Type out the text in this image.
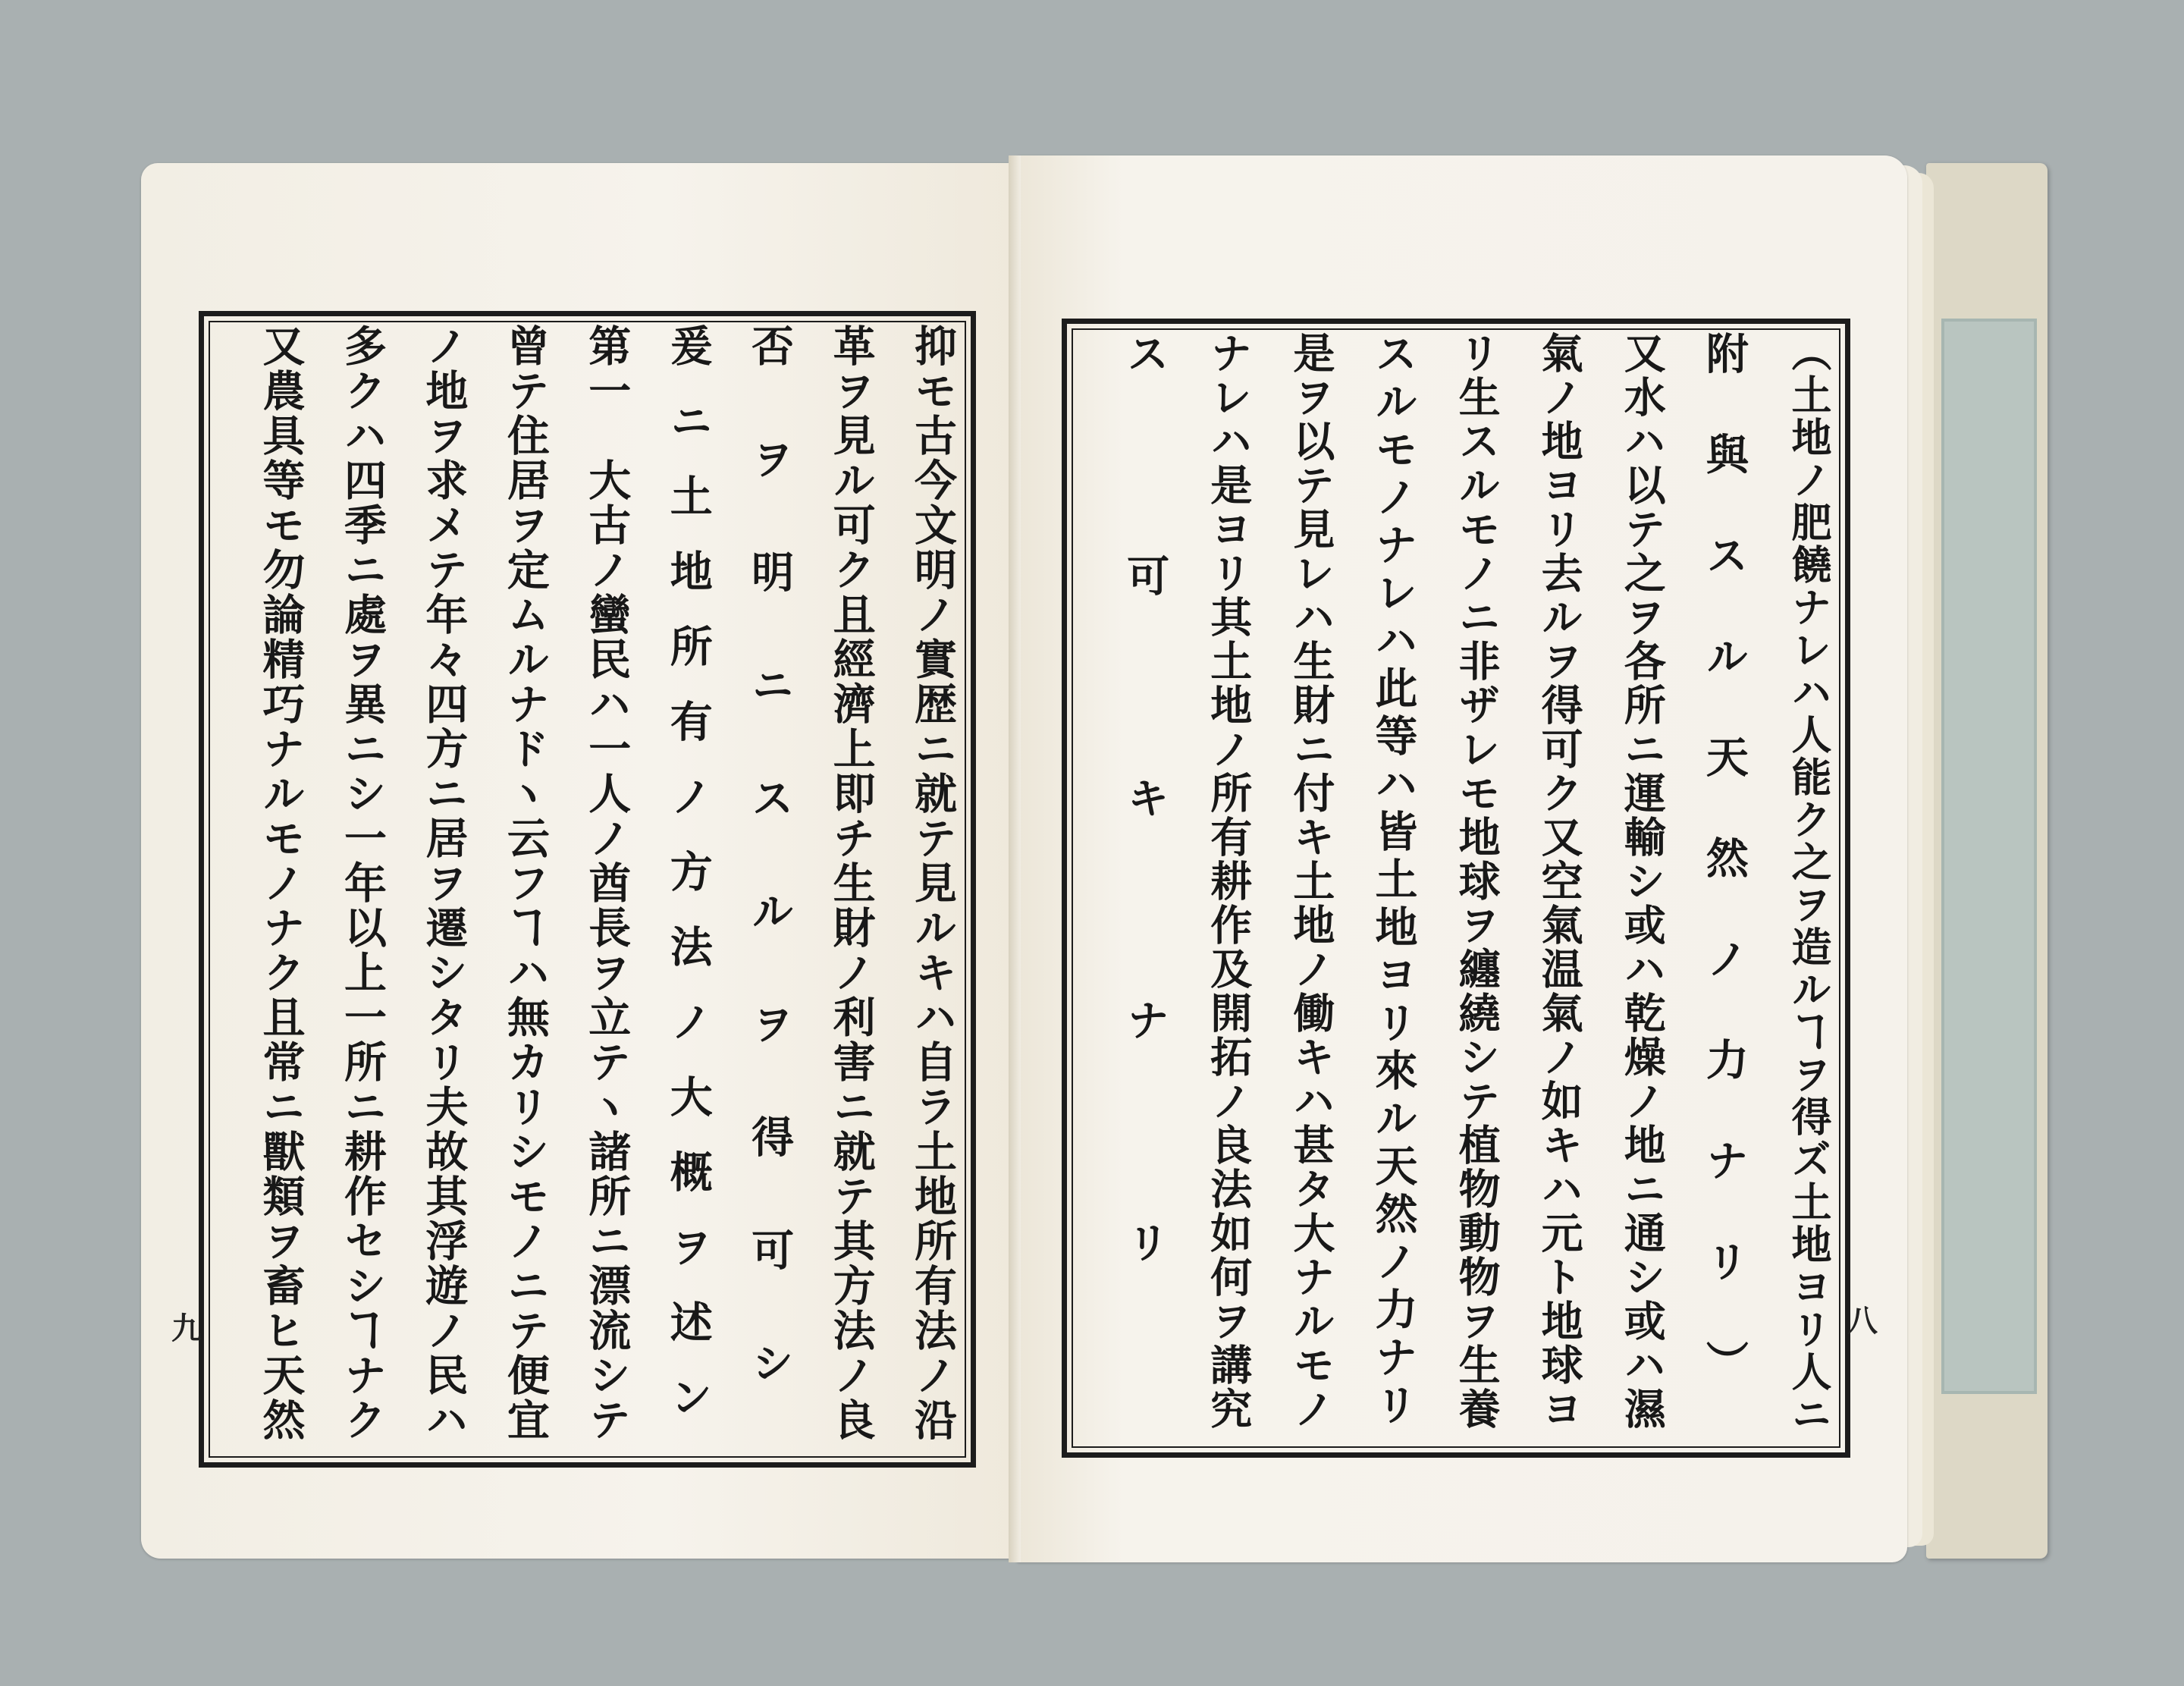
抑モ古今文明ノ實歴ニ就テ見ルキハ自ラ土地所有法ノ沿
革ヲ見ル可ク且經濟上即チ生財ノ利害ニ就テ其方法ノ良
否ヲ明ニスルヲ得可シ
爰ニ土地所有ノ方法ノ大概ヲ述ン
第一　大古ノ蠻民ハ一人ノ酋長ヲ立テヽ諸所ニ漂流シテ
曾テ住居ヲ定ムルナドヽ云フヿハ無カリシモノニテ便宜
ノ地ヲ求メテ年々四方ニ居ヲ遷シタリ夫故其浮遊ノ民ハ
多クハ四季ニ處ヲ異ニシ一年以上一所ニ耕作セシヿナク
又農具等モ勿論精巧ナルモノナク且常ニ獸類ヲ畜ヒ天然
九	（土地ノ肥饒ナレハ人能ク之ヲ造ルヿヲ得ズ土地ヨリ人ニ
附與スル天然ノ力ナリ）
又水ハ以テ之ヲ各所ニ運輸シ或ハ乾燥ノ地ニ通シ或ハ濕
氣ノ地ヨリ去ルヲ得可ク又空氣温氣ノ如キハ元ト地球ヨ
リ生スルモノニ非ザレモ地球ヲ纏繞シテ植物動物ヲ生養
スルモノナレハ此等ハ皆土地ヨリ來ル天然ノ力ナリ
是ヲ以テ見レハ生財ニ付キ土地ノ働キハ甚タ大ナルモノ
ナレハ是ヨリ其土地ノ所有耕作及開拓ノ良法如何ヲ講究
ス可キナリ	八
